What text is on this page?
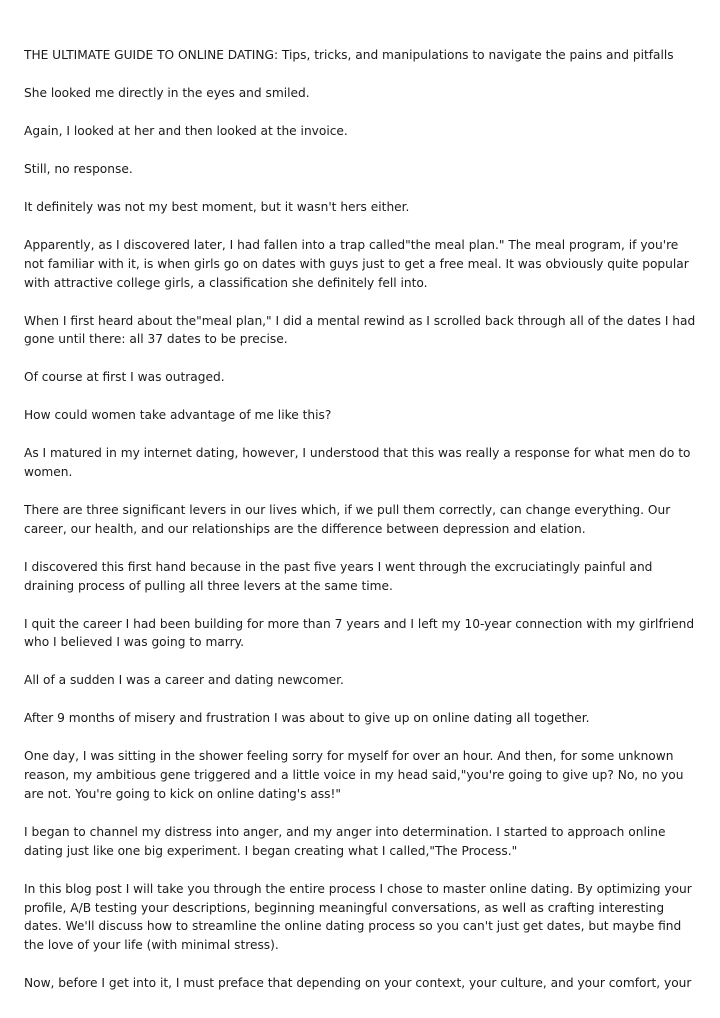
THE ULTIMATE GUIDE TO ONLINE DATING: Tips, tricks, and manipulations to navigate the pains and pitfalls

She looked me directly in the eyes and smiled.

Again, I looked at her and then looked at the invoice.

Still, no response.

It definitely was not my best moment, but it wasn't hers either.

Apparently, as I discovered later, I had fallen into a trap called"the meal plan." The meal program, if you're not familiar with it, is when girls go on dates with guys just to get a free meal. It was obviously quite popular with attractive college girls, a classification she definitely fell into.

When I first heard about the"meal plan," I did a mental rewind as I scrolled back through all of the dates I had gone until there: all 37 dates to be precise.

Of course at first I was outraged.

How could women take advantage of me like this?

As I matured in my internet dating, however, I understood that this was really a response for what men do to women.

There are three significant levers in our lives which, if we pull them correctly, can change everything. Our career, our health, and our relationships are the difference between depression and elation.

I discovered this first hand because in the past five years I went through the excruciatingly painful and draining process of pulling all three levers at the same time.

I quit the career I had been building for more than 7 years and I left my 10-year connection with my girlfriend who I believed I was going to marry.

All of a sudden I was a career and dating newcomer.

After 9 months of misery and frustration I was about to give up on online dating all together.

One day, I was sitting in the shower feeling sorry for myself for over an hour. And then, for some unknown reason, my ambitious gene triggered and a little voice in my head said,"you're going to give up? No, no you are not. You're going to kick on online dating's ass!"

I began to channel my distress into anger, and my anger into determination. I started to approach online dating just like one big experiment. I began creating what I called,"The Process."

In this blog post I will take you through the entire process I chose to master online dating. By optimizing your profile, A/B testing your descriptions, beginning meaningful conversations, as well as crafting interesting dates. We'll discuss how to streamline the online dating process so you can't just get dates, but maybe find the love of your life (with minimal stress).

Now, before I get into it, I must preface that depending on your context, your culture, and your comfort, your
